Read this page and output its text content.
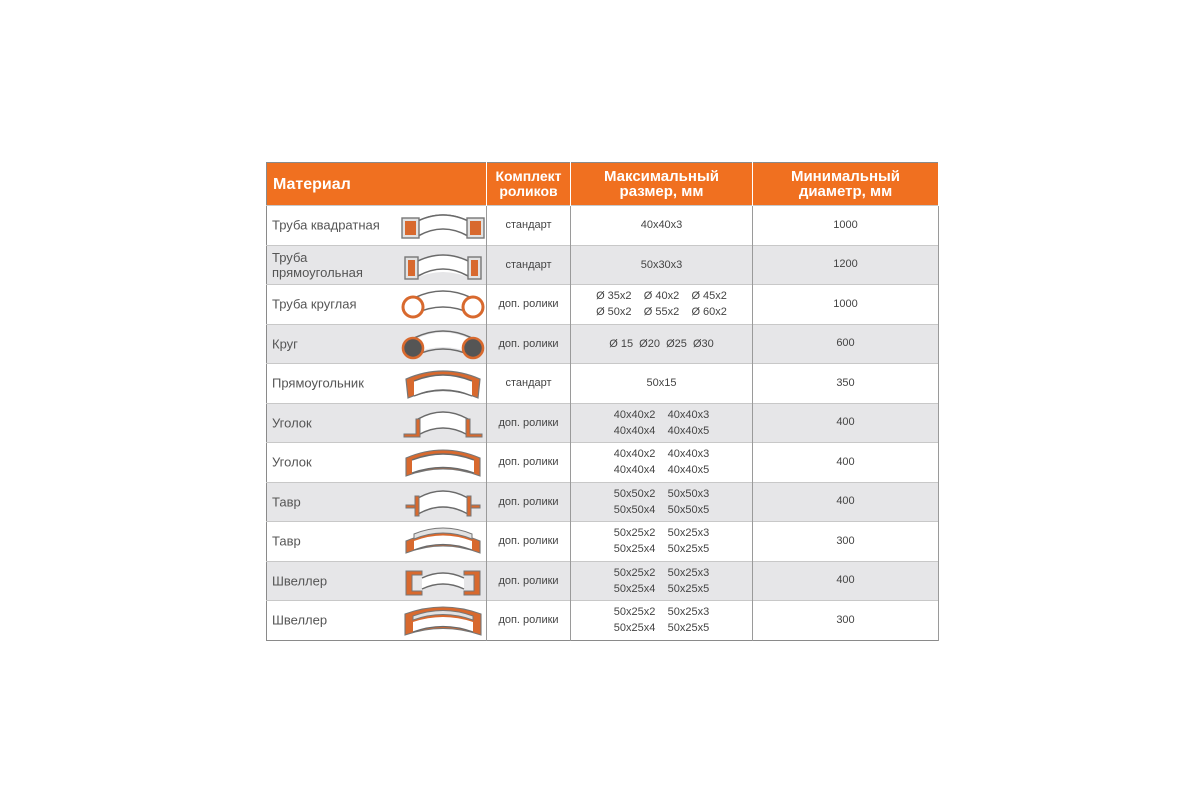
Материал	Комплект роликов	Максимальный размер, мм	Минимальный диаметр, мм

Труба квадратная	стандарт	40x40x3	1000

Труба прямоугольная	стандарт	50x30x3	1200

Труба круглая	доп. ролики	Ø 35x2    Ø 40x2    Ø 45x2
Ø 50x2    Ø 55x2    Ø 60x2	1000

Круг	доп. ролики	Ø 15  Ø20  Ø25  Ø30	600

Прямоугольник	стандарт	50x15	350

Уголок	доп. ролики	40x40x2    40x40x3
40x40x4    40x40x5	400

Уголок	доп. ролики	40x40x2    40x40x3
40x40x4    40x40x5	400

Тавр	доп. ролики	50x50x2    50x50x3
50x50x4    50x50x5	400

Тавр	доп. ролики	50x25x2    50x25x3
50x25x4    50x25x5	300

Швеллер	доп. ролики	50x25x2    50x25x3
50x25x4    50x25x5	400

Швеллер	доп. ролики	50x25x2    50x25x3
50x25x4    50x25x5	300
